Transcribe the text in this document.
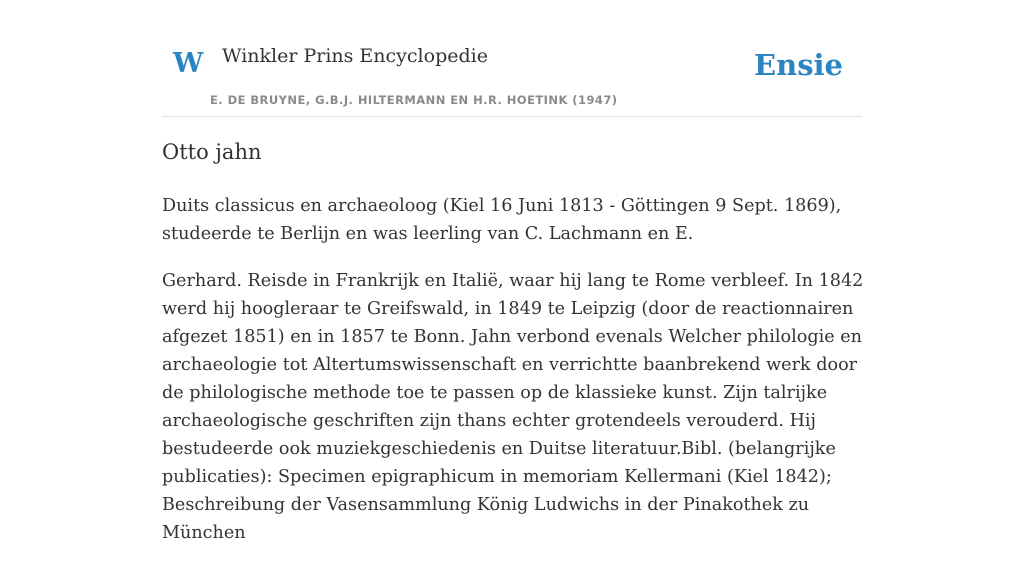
W Winkler Prins Encyclopedie
E. DE BRUYNE, G.B.J. HILTERMANN EN H.R. HOETINK (1947)
Ensie
Otto jahn

Duits classicus en archaeoloog (Kiel 16 Juni 1813 - Göttingen 9 Sept. 1869), studeerde te Berlijn en was leerling van C. Lachmann en E.

Gerhard. Reisde in Frankrijk en Italië, waar hij lang te Rome verbleef. In 1842 werd hij hoogleraar te Greifswald, in 1849 te Leipzig (door de reactionnairen afgezet 1851) en in 1857 te Bonn. Jahn verbond evenals Welcher philologie en archaeologie tot Altertumswissenschaft en verrichtte baanbrekend werk door de philologische methode toe te passen op de klassieke kunst. Zijn talrijke archaeologische geschriften zijn thans echter grotendeels verouderd. Hij bestudeerde ook muziekgeschiedenis en Duitse literatuur.Bibl. (belangrijke publicaties): Specimen epigraphicum in memoriam Kellermani (Kiel 1842); Beschreibung der Vasensammlung König Ludwichs in der Pinakothek zu München
